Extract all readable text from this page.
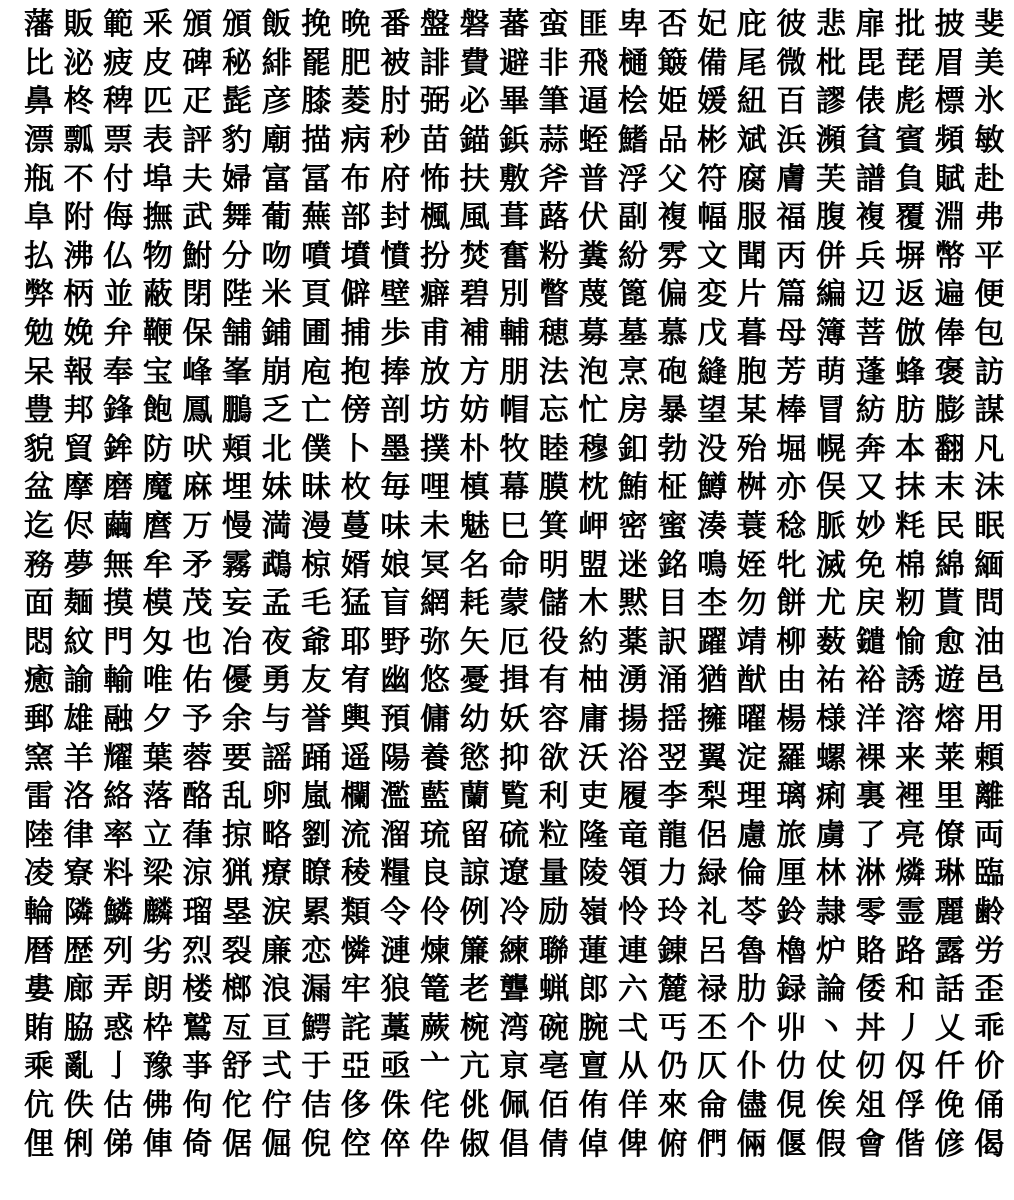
藩販範釆頒頒飯挽晩番盤磐蕃蛮匪卑否妃庇彼悲扉批披斐
比泌疲皮碑秘緋罷肥被誹費避非飛樋簸備尾微枇毘琵眉美
鼻柊稗匹疋髭彦膝菱肘弼必畢筆逼桧姫媛紐百謬俵彪標氷
漂瓢票表評豹廟描病秒苗錨鋲蒜蛭鰭品彬斌浜瀕貧賓頻敏
瓶不付埠夫婦富冨布府怖扶敷斧普浮父符腐膚芙譜負賦赴
阜附侮撫武舞葡蕪部封楓風葺蕗伏副複幅服福腹複覆淵弗
払沸仏物鮒分吻噴墳憤扮焚奮粉糞紛雰文聞丙併兵塀幣平
弊柄並蔽閉陛米頁僻壁癖碧別瞥蔑篦偏変片篇編辺返遍便
勉娩弁鞭保舗鋪圃捕歩甫補輔穂募墓慕戊暮母簿菩倣俸包
呆報奉宝峰峯崩庖抱捧放方朋法泡烹砲縫胞芳萌蓬蜂褒訪
豊邦鋒飽鳳鵬乏亡傍剖坊妨帽忘忙房暴望某棒冒紡肪膨謀
貌貿鉾防吠頬北僕卜墨撲朴牧睦穆釦勃没殆堀幌奔本翻凡
盆摩磨魔麻埋妹昧枚毎哩槙幕膜枕鮪柾鱒桝亦俣又抹末沫
迄侭繭麿万慢満漫蔓味未魅巳箕岬密蜜湊蓑稔脈妙粍民眠
務夢無牟矛霧鵡椋婿娘冥名命明盟迷銘鳴姪牝滅免棉綿緬
面麺摸模茂妄孟毛猛盲網耗蒙儲木黙目杢勿餅尤戻籾貰問
悶紋門匁也冶夜爺耶野弥矢厄役約薬訳躍靖柳薮鑓愉愈油
癒諭輸唯佑優勇友宥幽悠憂揖有柚湧涌猶猷由祐裕誘遊邑
郵雄融夕予余与誉輿預傭幼妖容庸揚揺擁曜楊様洋溶熔用
窯羊耀葉蓉要謡踊遥陽養慾抑欲沃浴翌翼淀羅螺裸来莱頼
雷洛絡落酪乱卵嵐欄濫藍蘭覧利吏履李梨理璃痢裏裡里離
陸律率立葎掠略劉流溜琉留硫粒隆竜龍侶慮旅虜了亮僚両
凌寮料梁涼猟療瞭稜糧良諒遼量陵領力緑倫厘林淋燐琳臨
輪隣鱗麟瑠塁涙累類令伶例冷励嶺怜玲礼苓鈴隷零霊麗齢
暦歴列劣烈裂廉恋憐漣煉簾練聯蓮連錬呂魯櫓炉賂路露労
婁廊弄朗楼榔浪漏牢狼篭老聾蝋郎六麓禄肋録論倭和話歪
賄脇惑枠鷲亙亘鰐詫藁蕨椀湾碗腕弌丐丕个丱丶丼丿乂乖
乘亂亅豫亊舒弍于亞亟亠亢亰亳亶从仍仄仆仂仗仞仭仟价
伉佚估佛佝佗佇佶侈侏侘佻佩佰侑佯來侖儘俔俟俎俘俛俑
俚俐俤俥倚倨倔倪倥倅伜俶倡倩倬俾俯們倆偃假會偕偐偈
